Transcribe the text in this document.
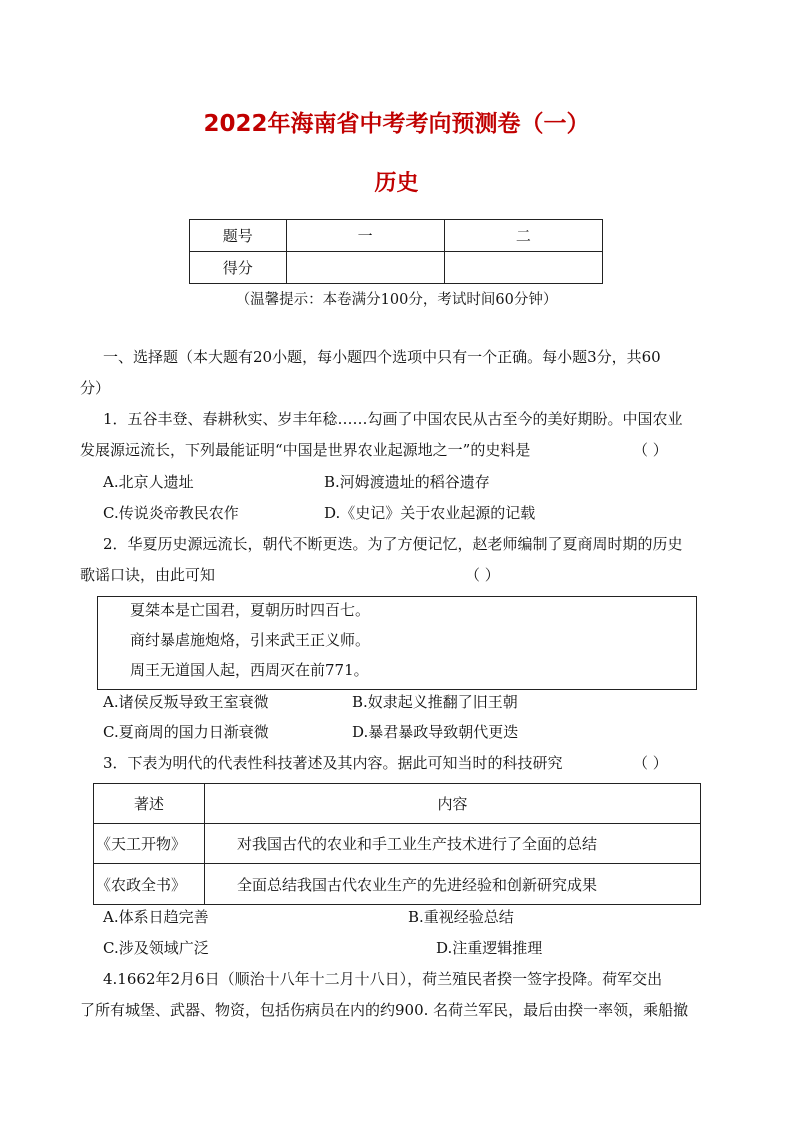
2022年海南省中考考向预测卷（一）
历史
题号	一	二
得分		
（温馨提示：本卷满分100分，考试时间60分钟）
一、选择题（本大题有20小题，每小题四个选项中只有一个正确。每小题3分，共60
分）
1．五谷丰登、春耕秋实、岁丰年稔……勾画了中国农民从古至今的美好期盼。中国农业
发展源远流长，下列最能证明“中国是世界农业起源地之一”的史料是	（ ）
A.北京人遗址	B.河姆渡遗址的稻谷遗存
C.传说炎帝教民农作	D.《史记》关于农业起源的记载
2．华夏历史源远流长，朝代不断更迭。为了方便记忆，赵老师编制了夏商周时期的历史
歌谣口诀，由此可知	（ ）
夏桀本是亡国君，夏朝历时四百七。
商纣暴虐施炮烙，引来武王正义师。
周王无道国人起，西周灭在前771。
A.诸侯反叛导致王室衰微	B.奴隶起义推翻了旧王朝
C.夏商周的国力日渐衰微	D.暴君暴政导致朝代更迭
3．下表为明代的代表性科技著述及其内容。据此可知当时的科技研究	（ ）
著述	内容
《天工开物》	对我国古代的农业和手工业生产技术进行了全面的总结
《农政全书》	全面总结我国古代农业生产的先进经验和创新研究成果
A.体系日趋完善	B.重视经验总结
C.涉及领域广泛	D.注重逻辑推理
4.1662年2月6日（顺治十八年十二月十八日），荷兰殖民者揆一签字投降。荷军交出
了所有城堡、武器、物资，包括伤病员在内的约900. 名荷兰军民，最后由揆一率领，乘船撤
